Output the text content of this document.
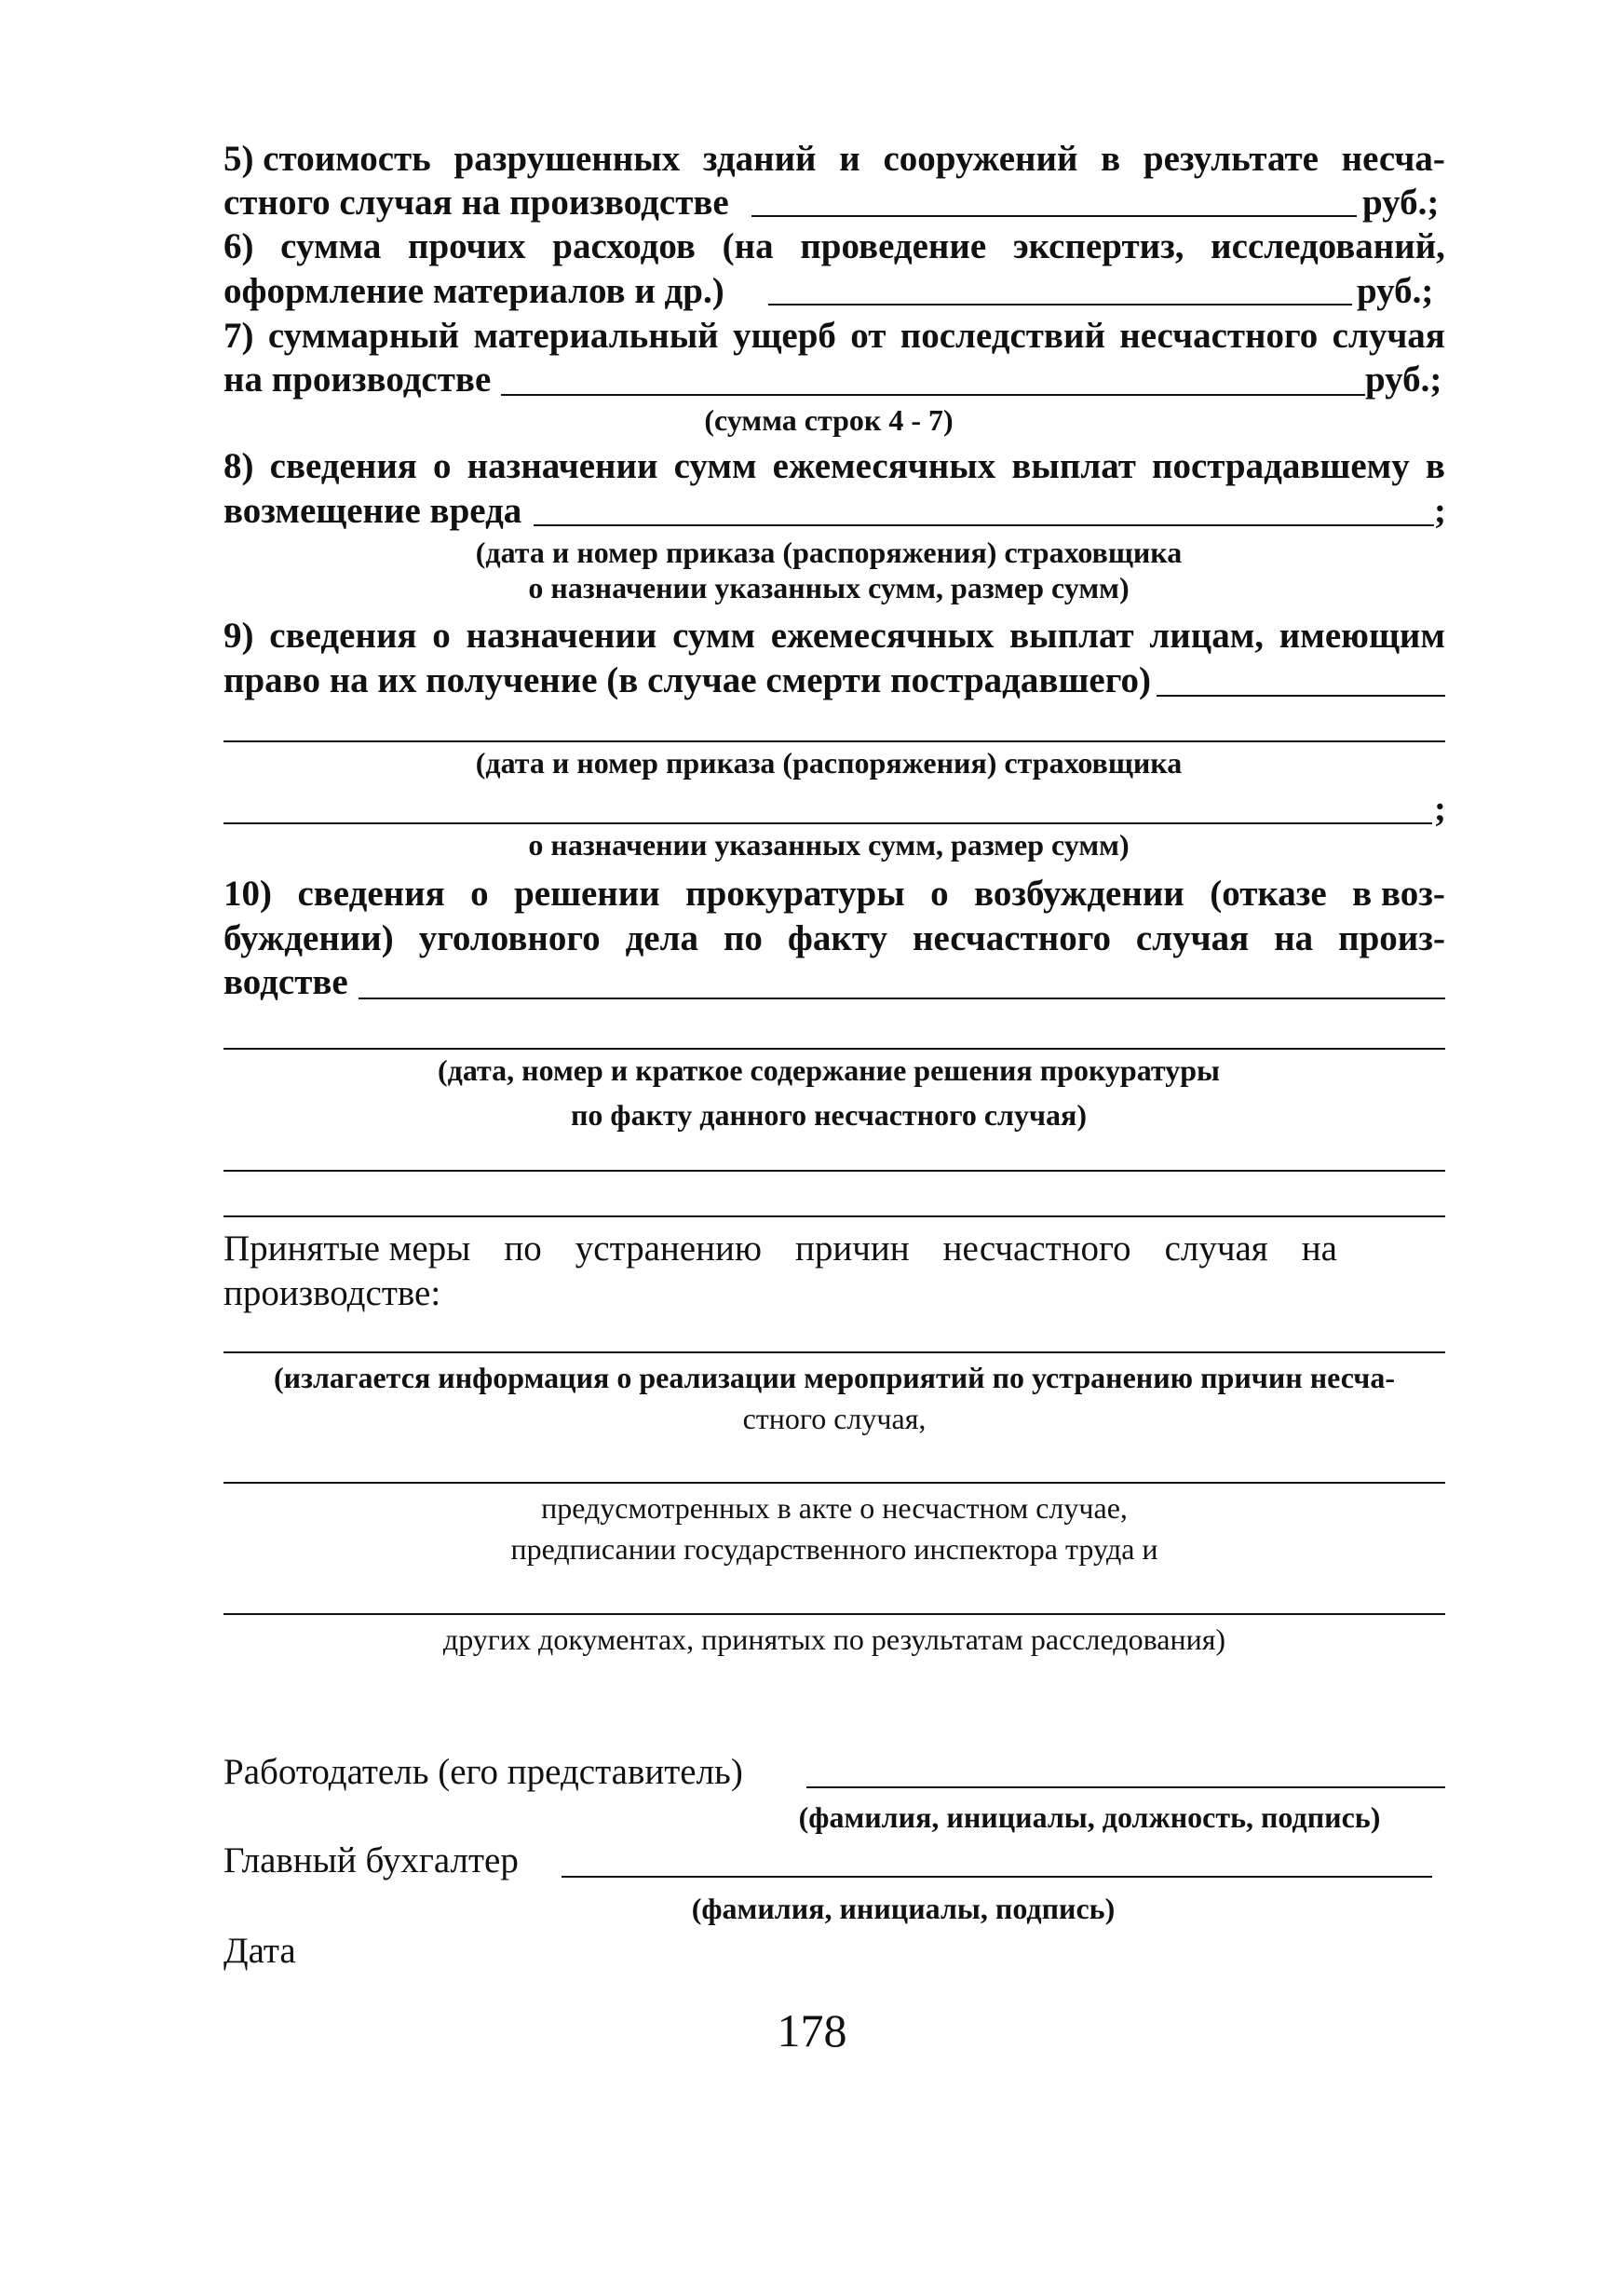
5) стоимость разрушенных зданий и сооружений в результате несча-
стного случая на производстве	руб.;
6) сумма прочих расходов (на проведение экспертиз, исследований,
оформление материалов и др.)	руб.;
7) суммарный материальный ущерб от последствий несчастного случая
на производстве	руб.;
(сумма строк 4 - 7)
8) сведения о назначении сумм ежемесячных выплат пострадавшему в
возмещение вреда	;
(дата и номер приказа (распоряжения) страховщика
о назначении указанных сумм, размер сумм)
9) сведения о назначении сумм ежемесячных выплат лицам, имеющим
право на их получение (в случае смерти пострадавшего)
(дата и номер приказа (распоряжения) страховщика
;
о назначении указанных сумм, размер сумм)
10) сведения о решении прокуратуры о возбуждении (отказе в воз-
буждении) уголовного дела по факту несчастного случая на произ-
водстве
(дата, номер и краткое содержание решения прокуратуры
по факту данного несчастного случая)
Принятые меры по устранению причин несчастного случая на
производстве:
(излагается информация о реализации мероприятий по устранению причин несча-
стного случая,
предусмотренных в акте о несчастном случае,
предписании государственного инспектора труда и
других документах, принятых по результатам расследования)
Работодатель (его представитель)
(фамилия, инициалы, должность, подпись)
Главный бухгалтер
(фамилия, инициалы, подпись)
Дата
178
